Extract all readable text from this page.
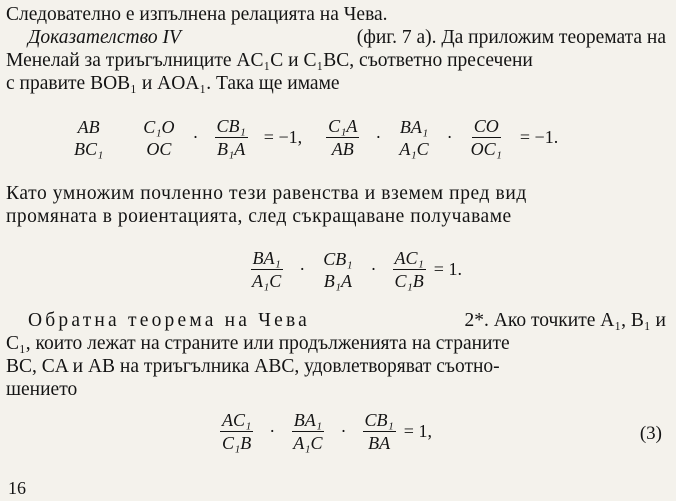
Следователно е изпълнена релацията на Чева.
Доказателство IV	(фиг. 7 а). Да приложим теоремата на
Менелай за триъгълниците AC₁C и C₁BC, съответно пресечени
с правите BOB₁ и AOA₁. Така ще имаме
AB
BC₁
C₁O
OC
· $\frac{\text{CB₁}}{\text{B₁A}} = -1$, $\frac{\text{C₁A}}{AB}$ ·
BA₁
A₁C
· $\frac{CO}{\text{OC₁}} = -1$.
Като умножим почленно тези равенства и вземем пред вид
промяната в роиентацията, след съкращаване получаваме
$\frac{\text{BA₁}}{\text{A₁C}}$ ·
CB₁
B₁A
· $\frac{\text{AC₁}}{\text{C₁B}} = 1$.
Обратна теорема на Чева	2*. Ако точките A₁, B₁ и
C₁, които лежат на страните или продълженията на страните
BC, CA и AB на триъгълника ABC, удовлетворяват съотно-
шението
$\frac{\text{AC₁}}{\text{C₁B}} \cdot \frac{\text{BA₁}}{\text{A₁C}} \cdot \frac{\text{CB₁}}{BA} = 1$,	(3)
16
